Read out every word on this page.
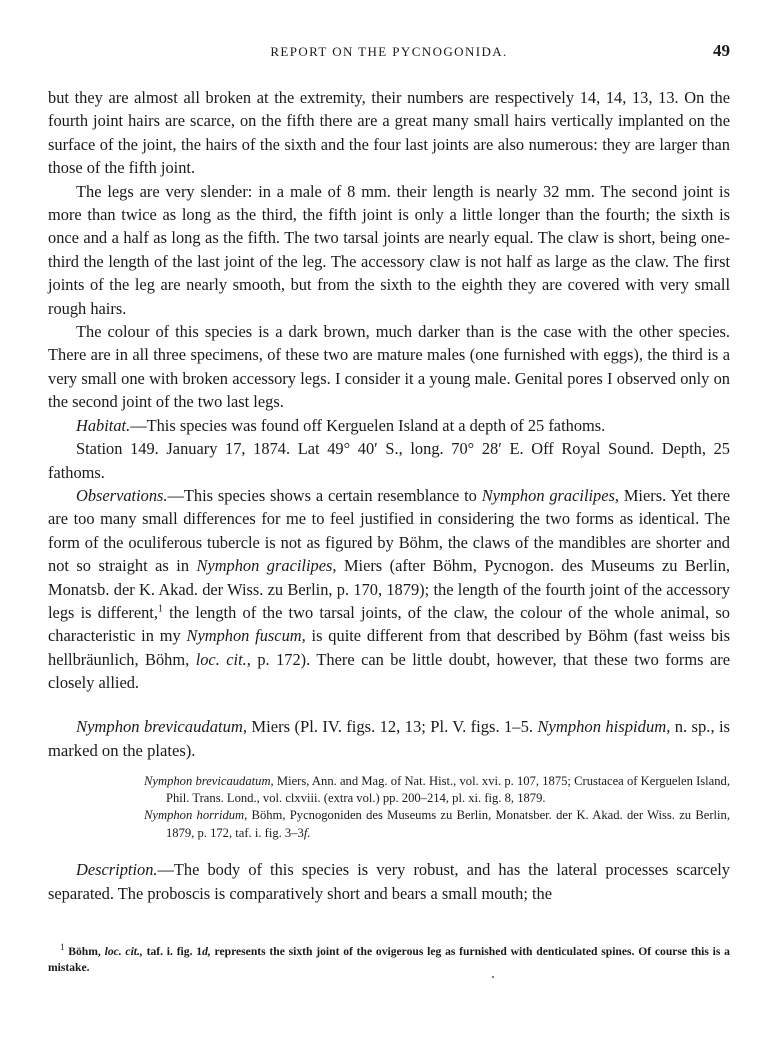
REPORT ON THE PYCNOGONIDA.	49

but they are almost all broken at the extremity, their numbers are respectively 14, 14, 13, 13. On the fourth joint hairs are scarce, on the fifth there are a great many small hairs vertically implanted on the surface of the joint, the hairs of the sixth and the four last joints are also numerous: they are larger than those of the fifth joint.

The legs are very slender: in a male of 8 mm. their length is nearly 32 mm. The second joint is more than twice as long as the third, the fifth joint is only a little longer than the fourth; the sixth is once and a half as long as the fifth. The two tarsal joints are nearly equal. The claw is short, being one-third the length of the last joint of the leg. The accessory claw is not half as large as the claw. The first joints of the leg are nearly smooth, but from the sixth to the eighth they are covered with very small rough hairs.

The colour of this species is a dark brown, much darker than is the case with the other species. There are in all three specimens, of these two are mature males (one furnished with eggs), the third is a very small one with broken accessory legs. I consider it a young male. Genital pores I observed only on the second joint of the two last legs.

Habitat.—This species was found off Kerguelen Island at a depth of 25 fathoms.

Station 149. January 17, 1874. Lat 49° 40′ S., long. 70° 28′ E. Off Royal Sound. Depth, 25 fathoms.

Observations.—This species shows a certain resemblance to Nymphon gracilipes, Miers. Yet there are too many small differences for me to feel justified in considering the two forms as identical. The form of the oculiferous tubercle is not as figured by Böhm, the claws of the mandibles are shorter and not so straight as in Nymphon gracilipes, Miers (after Böhm, Pycnogon. des Museums zu Berlin, Monatsb. der K. Akad. der Wiss. zu Berlin, p. 170, 1879); the length of the fourth joint of the accessory legs is different,$^1$ the length of the two tarsal joints, of the claw, the colour of the whole animal, so characteristic in my Nymphon fuscum, is quite different from that described by Böhm (fast weiss bis hellbräunlich, Böhm, loc. cit., p. 172). There can be little doubt, however, that these two forms are closely allied.

Nymphon brevicaudatum, Miers (Pl. IV. figs. 12, 13; Pl. V. figs. 1–5. Nymphon hispidum, n. sp., is marked on the plates).

Nymphon brevicaudatum, Miers, Ann. and Mag. of Nat. Hist., vol. xvi. p. 107, 1875; Crustacea of Kerguelen Island, Phil. Trans. Lond., vol. clxviii. (extra vol.) pp. 200–214, pl. xi. fig. 8, 1879.

Nymphon horridum, Böhm, Pycnogoniden des Museums zu Berlin, Monatsber. der K. Akad. der Wiss. zu Berlin, 1879, p. 172, taf. i. fig. 3–3f.

Description.—The body of this species is very robust, and has the lateral processes scarcely separated. The proboscis is comparatively short and bears a small mouth; the
$^1$ Böhm, loc. cit., taf. i. fig. 1d, represents the sixth joint of the ovigerous leg as furnished with denticulated spines. Of course this is a mistake.
